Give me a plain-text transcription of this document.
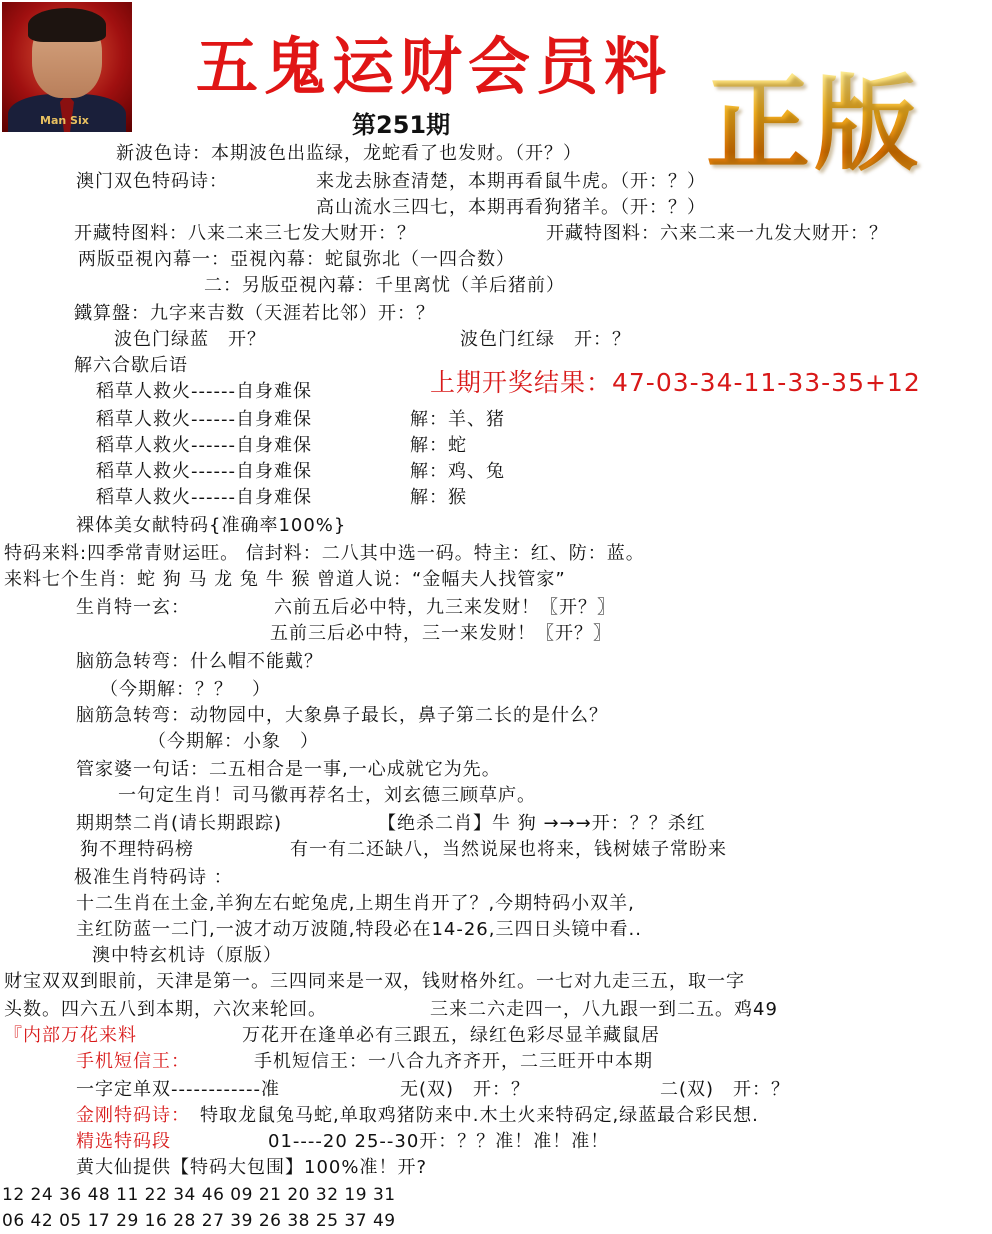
Man Six
五鬼运财会员料
第251期 正版
新波色诗：本期波色出监绿，龙蛇看了也发财。（开？）
澳门双色特码诗：	来龙去脉查清楚，本期再看鼠牛虎。（开：？）
高山流水三四七，本期再看狗猪羊。（开：？）
开藏特图料：八来二来三七发大财开：？	开藏特图料：六来二来一九发大财开：？
两版亞視內幕一：亞視內幕：蛇鼠弥北（一四合数）
二：另版亞視內幕：千里离忧（羊后猪前）
鐵算盤：九字来吉数（天涯若比邻）开：？
波色门绿蓝　开？	波色门红绿　开：？
解六合歇后语
上期开奖结果：47-03-34-11-33-35+12
稻草人救火------自身难保
稻草人救火------自身难保	解：羊、猪
稻草人救火------自身难保	解：蛇
稻草人救火------自身难保	解：鸡、兔
稻草人救火------自身难保	解：猴
裸体美女献特码{准确率100%}
特码来料:四季常青财运旺。 信封料：二八其中选一码。特主：红、防：蓝。
来料七个生肖：蛇 狗 马 龙 兔 牛 猴 曾道人说：“金幅夫人找管家”
生肖特一玄：	六前五后必中特，九三来发财！〖开？〗
五前三后必中特，三一来发财！〖开？〗
脑筋急转弯：什么帽不能戴？
（今期解：？？　）
脑筋急转弯：动物园中，大象鼻子最长，鼻子第二长的是什么？
（今期解：小象　）
管家婆一句话：二五相合是一事,一心成就它为先。
一句定生肖！司马徽再荐名士，刘玄德三顾草庐。
期期禁二肖(请长期跟踪)	【绝杀二肖】牛 狗 →→→开：？？杀红
狗不理特码榜	有一有二还缺八，当然说屎也将来，钱树婊子常盼来
极准生肖特码诗 ：
十二生肖在土金,羊狗左右蛇兔虎,上期生肖开了？,今期特码小双羊,
主红防蓝一二门,一波才动万波随,特段必在14-26,三四日头镜中看..
澳中特玄机诗（原版）
财宝双双到眼前，天津是第一。三四同来是一双，钱财格外红。一七对九走三五，取一字
头数。四六五八到本期，六次来轮回。	三来二六走四一，八九跟一到二五。鸡49
『内部万花来料	万花开在逢单必有三跟五，绿红色彩尽显羊藏鼠居
手机短信王：	手机短信王：一八合九齐齐开，二三旺开中本期
一字定单双------------准	无(双)　开：？	二(双)　开：？
金刚特码诗： 特取龙鼠兔马蛇,单取鸡猪防来中.木土火来特码定,绿蓝最合彩民想.
精选特码段	01----20 25--30开：？？准！准！准！
黄大仙提供【特码大包围】100%准！开?
12 24 36 48 11 22 34 46 09 21 20 32 19 31
06 42 05 17 29 16 28 27 39 26 38 25 37 49
